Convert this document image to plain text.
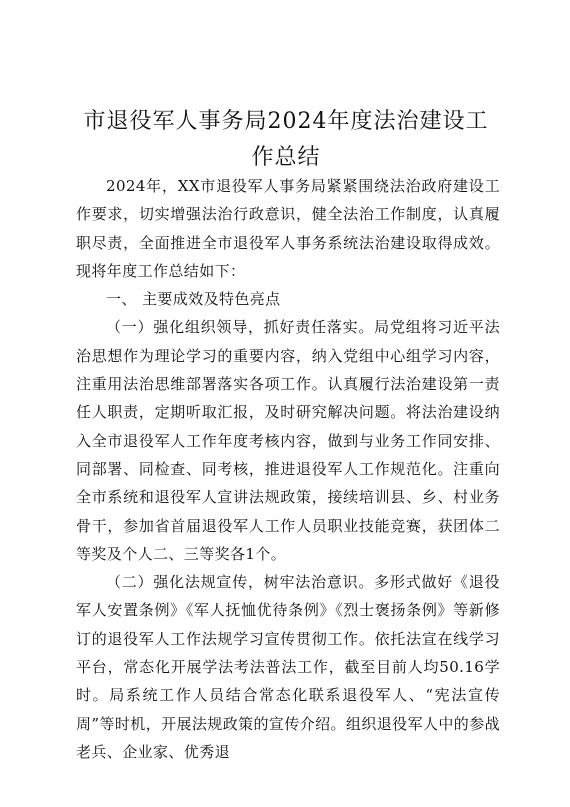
市退役军人事务局2024年度法治建设工作总结

2024年，XX市退役军人事务局紧紧围绕法治政府建设工作要求，切实增强法治行政意识，健全法治工作制度，认真履职尽责，全面推进全市退役军人事务系统法治建设取得成效。现将年度工作总结如下：

一、 主要成效及特色亮点

（一）强化组织领导，抓好责任落实。局党组将习近平法治思想作为理论学习的重要内容，纳入党组中心组学习内容，注重用法治思维部署落实各项工作。认真履行法治建设第一责任人职责，定期听取汇报，及时研究解决问题。将法治建设纳入全市退役军人工作年度考核内容，做到与业务工作同安排、同部署、同检查、同考核，推进退役军人工作规范化。注重向全市系统和退役军人宣讲法规政策，接续培训县、乡、村业务骨干，参加省首届退役军人工作人员职业技能竞赛，获团体二等奖及个人二、三等奖各1个。

（二）强化法规宣传，树牢法治意识。多形式做好《退役军人安置条例》《军人抚恤优待条例》《烈士褒扬条例》等新修订的退役军人工作法规学习宣传贯彻工作。依托法宣在线学习平台，常态化开展学法考法普法工作，截至目前人均50.16学时。局系统工作人员结合常态化联系退役军人、“宪法宣传周”等时机，开展法规政策的宣传介绍。组织退役军人中的参战老兵、企业家、优秀退
